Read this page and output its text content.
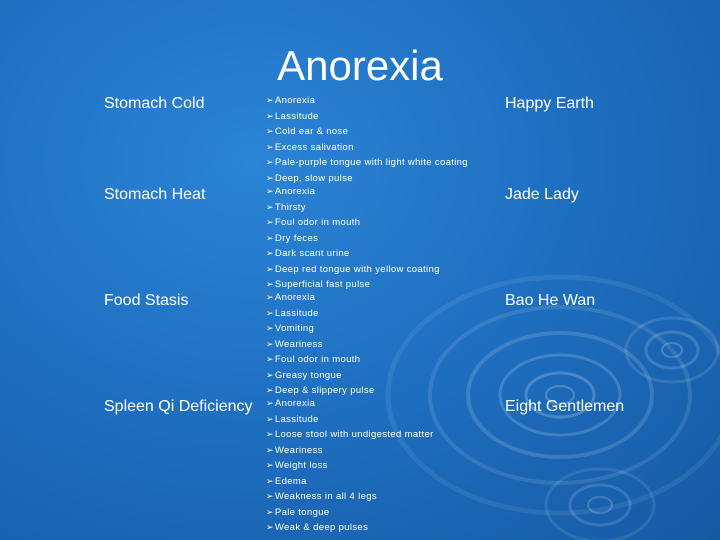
Anorexia
Stomach Cold	➢Anorexia
➢Lassitude
➢Cold ear & nose
➢Excess salivation
➢Pale-purple tongue with light white coating
➢Deep, slow pulse
Happy Earth
Stomach Heat	➢Anorexia
➢Thirsty
➢Foul odor in mouth
➢Dry feces
➢Dark scant urine
➢Deep red tongue with yellow coating
➢Superficial fast pulse
Jade Lady
Food Stasis	➢Anorexia
➢Lassitude
➢Vomiting
➢Weariness
➢Foul odor in mouth
➢Greasy tongue
➢Deep & slippery pulse
Bao He Wan
Spleen Qi Deficiency ➢Anorexia
➢Lassitude
➢Loose stool with undigested matter
➢Weariness
➢Weight loss
➢Edema
➢Weakness in all 4 legs
➢Pale tongue
➢Weak & deep pulses
Eight Gentlemen
